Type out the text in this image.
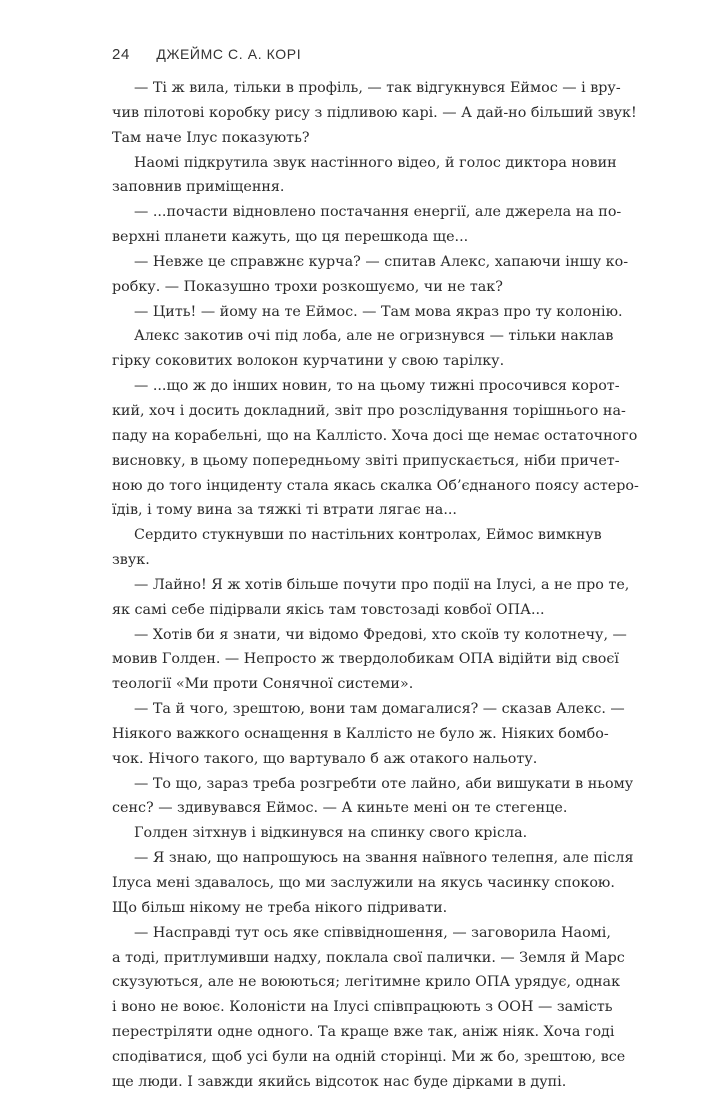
24 ДЖЕЙМС С. А. КОРІ
— Ті ж вила, тільки в профіль, — так відгукнувся Еймос — і вру-
чив пілотові коробку рису з підливою карі. — А дай-но більший звук!
Там наче Ілус показують?
Наомі підкрутила звук настінного відео, й голос диктора новин
заповнив приміщення.
— ...почасти відновлено постачання енергії, але джерела на по-
верхні планети кажуть, що ця перешкода ще...
— Невже це справжнє курча? — спитав Алекс, хапаючи іншу ко-
робку. — Показушно трохи розкошуємо, чи не так?
— Цить! — йому на те Еймос. — Там мова якраз про ту колонію.
Алекс закотив очі під лоба, але не огризнувся — тільки наклав
гірку соковитих волокон курчатини у свою тарілку.
— ...що ж до інших новин, то на цьому тижні просочився корот-
кий, хоч і досить докладний, звіт про розслідування торішнього на-
паду на корабельні, що на Каллісто. Хоча досі ще немає остаточного
висновку, в цьому попередньому звіті припускається, ніби причет-
ною до того інциденту стала якась скалка Об’єднаного поясу астеро-
їдів, і тому вина за тяжкі ті втрати лягає на...
Сердито стукнувши по настільних контролах, Еймос вимкнув
звук.
— Лайно! Я ж хотів більше почути про події на Ілусі, а не про те,
як самі себе підірвали якісь там товстозаді ковбої ОПА...
— Хотів би я знати, чи відомо Фредові, хто скоїв ту колотнечу, —
мовив Голден. — Непросто ж твердолобикам ОПА відійти від своєї
теології «Ми проти Сонячної системи».
— Та й чого, зрештою, вони там домагалися? — сказав Алекс. —
Ніякого важкого оснащення в Каллісто не було ж. Ніяких бомбо-
чок. Нічого такого, що вартувало б аж отакого нальоту.
— То що, зараз треба розгребти оте лайно, аби вишукати в ньому
сенс? — здивувався Еймос. — А киньте мені он те стегенце.
Голден зітхнув і відкинувся на спинку свого крісла.
— Я знаю, що напрошуюсь на звання наївного телепня, але після
Ілуса мені здавалось, що ми заслужили на якусь часинку спокою.
Що більш нікому не треба нікого підривати.
— Насправді тут ось яке співвідношення, — заговорила Наомі,
а тоді, притлумивши надху, поклала свої палички. — Земля й Марс
скузуються, але не воюються; легітимне крило ОПА урядує, однак
і воно не воює. Колоністи на Ілусі співпрацюють з ООН — замість
перестріляти одне одного. Та краще вже так, аніж ніяк. Хоча годі
сподіватися, щоб усі були на одній сторінці. Ми ж бо, зрештою, все
ще люди. І завжди якийсь відсоток нас буде дірками в дупі.
